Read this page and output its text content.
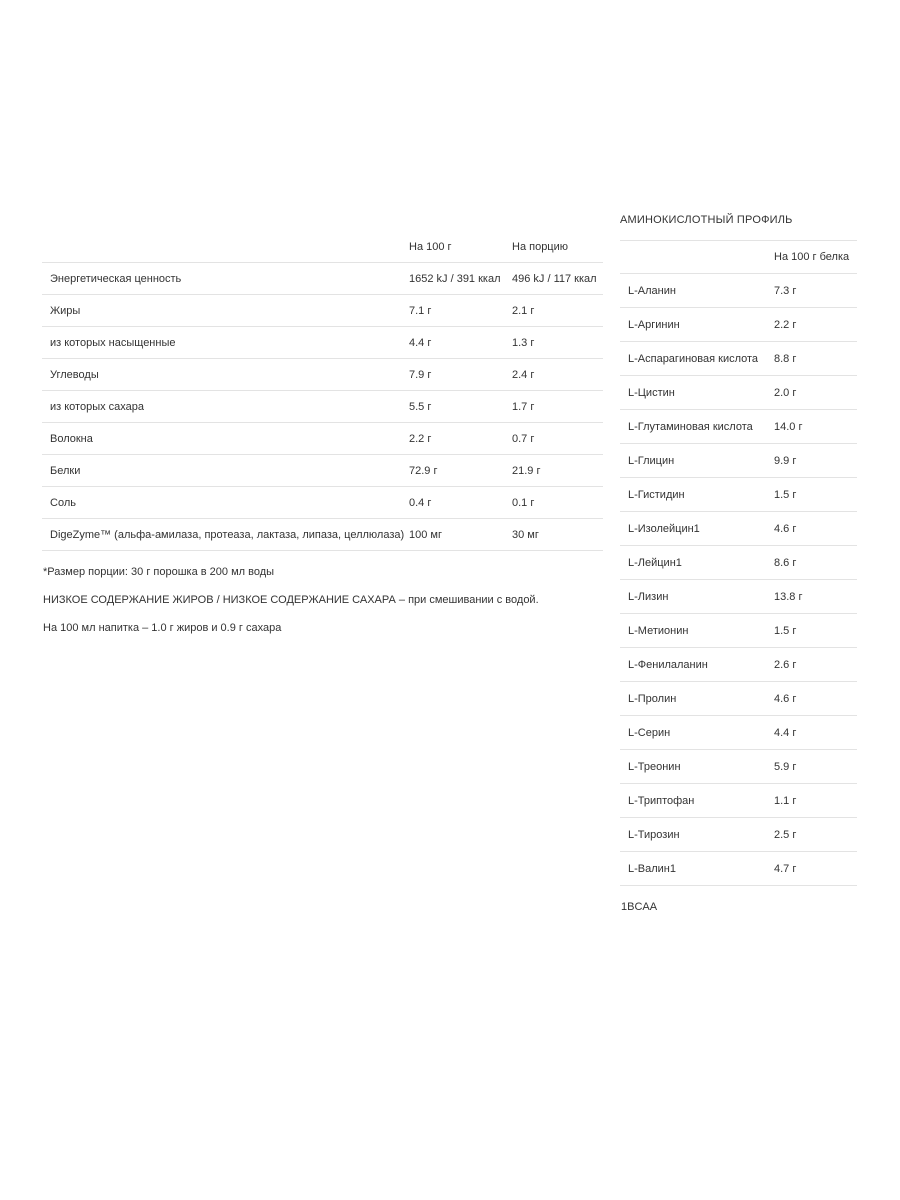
	На 100 г	На порцию
Энергетическая ценность	1652 kJ / 391 ккал	496 kJ / 117 ккал
Жиры	7.1 г	2.1 г
из которых насыщенные	4.4 г	1.3 г
Углеводы	7.9 г	2.4 г
из которых сахара	5.5 г	1.7 г
Волокна	2.2 г	0.7 г
Белки	72.9 г	21.9 г
Соль	0.4 г	0.1 г
DigeZyme™ (альфа-амилаза, протеаза, лактаза, липаза, целлюлаза)	100 мг	30 мг

*Размер порции: 30 г порошка в 200 мл воды

НИЗКОЕ СОДЕРЖАНИЕ ЖИРОВ / НИЗКОЕ СОДЕРЖАНИЕ САХАРА – при смешивании с водой.

На 100 мл напитка – 1.0 г жиров и 0.9 г сахара

АМИНОКИСЛОТНЫЙ ПРОФИЛЬ
	На 100 г белка
L-Аланин	7.3 г
L-Аргинин	2.2 г
L-Аспарагиновая кислота	8.8 г
L-Цистин	2.0 г
L-Глутаминовая кислота	14.0 г
L-Глицин	9.9 г
L-Гистидин	1.5 г
L-Изолейцин1	4.6 г
L-Лейцин1	8.6 г
L-Лизин	13.8 г
L-Метионин	1.5 г
L-Фенилаланин	2.6 г
L-Пролин	4.6 г
L-Серин	4.4 г
L-Треонин	5.9 г
L-Триптофан	1.1 г
L-Тирозин	2.5 г
L-Валин1	4.7 г

1BCAA
